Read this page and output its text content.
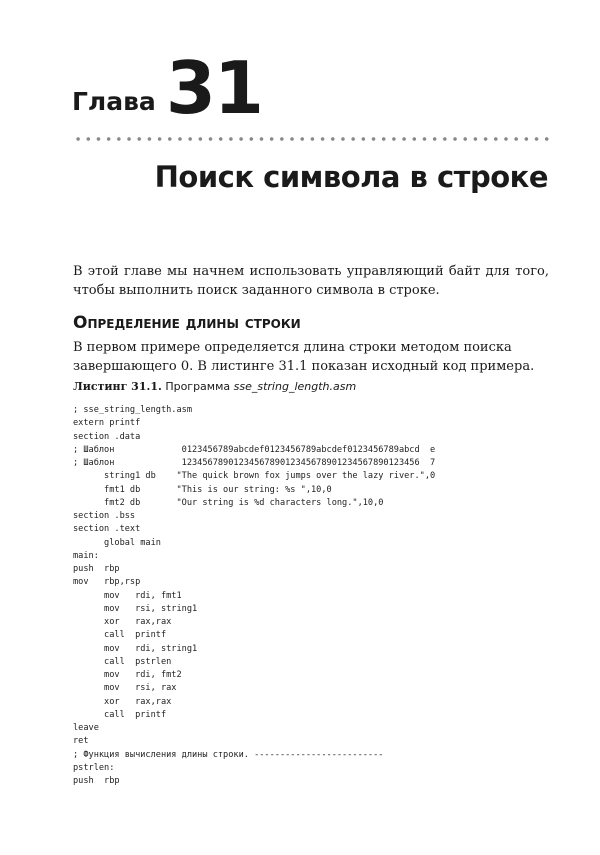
Глава 31
Поиск символа в строке
В этой главе мы начнем использовать управляющий байт для того, чтобы выполнить поиск заданного символа в строке.
Определение длины строки
В первом примере определяется длина строки методом поиска завершающего 0. В листинге 31.1 показан исходный код примера.
Листинг 31.1. Программа sse_string_length.asm
; sse_string_length.asm
extern printf
section .data
; Шаблон             0123456789abcdef0123456789abcdef0123456789abcd  e
; Шаблон             1234567890123456789012345678901234567890123456  7
string1 db    "The quick brown fox jumps over the lazy river.",0
fmt1 db       "This is our string: %s ",10,0
fmt2 db       "Our string is %d characters long.",10,0
section .bss
section .text
global main
main:
push  rbp
mov   rbp,rsp
mov   rdi, fmt1
mov   rsi, string1
xor   rax,rax
call  printf
mov   rdi, string1
call  pstrlen
mov   rdi, fmt2
mov   rsi, rax
xor   rax,rax
call  printf
leave
ret
; Функция вычисления длины строки. -------------------------
pstrlen:
push  rbp
